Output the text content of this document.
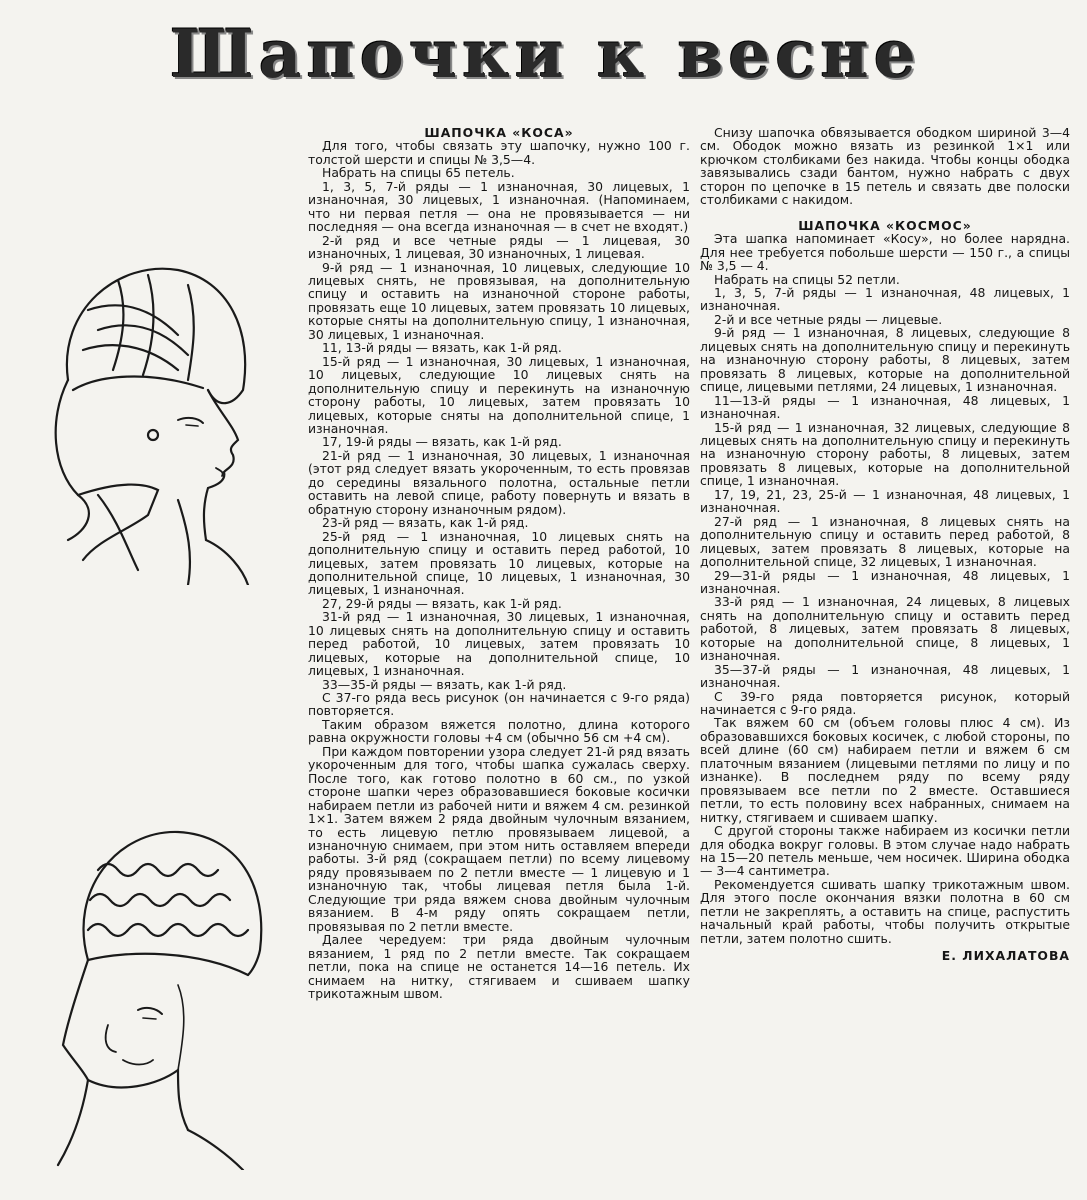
Шапочки к весне

ШАПОЧКА «КОСА»

Для того, чтобы связать эту шапочку, нужно 100 г. толстой шерсти и спицы № 3,5—4.

Набрать на спицы 65 петель.

1, 3, 5, 7-й ряды — 1 изнаночная, 30 лицевых, 1 изнаночная, 30 лицевых, 1 изнаночная. (Напоминаем, что ни первая петля — она не провязывается — ни последняя — она всегда изнаночная — в счет не входят.)

2-й ряд и все четные ряды — 1 лицевая, 30 изнаночных, 1 лицевая, 30 изнаночных, 1 лицевая.

9-й ряд — 1 изнаночная, 10 лицевых, следующие 10 лицевых снять, не провязывая, на дополнительную спицу и оставить на изнаночной стороне работы, провязать еще 10 лицевых, затем провязать 10 лицевых, которые сняты на дополнительную спицу, 1 изнаночная, 30 лицевых, 1 изнаночная.

11, 13-й ряды — вязать, как 1-й ряд.

15-й ряд — 1 изнаночная, 30 лицевых, 1 изнаночная, 10 лицевых, следующие 10 лицевых снять на дополнительную спицу и перекинуть на изнаночную сторону работы, 10 лицевых, затем провязать 10 лицевых, которые сняты на дополнительной спице, 1 изнаночная.

17, 19-й ряды — вязать, как 1-й ряд.

21-й ряд — 1 изнаночная, 30 лицевых, 1 изнаночная (этот ряд следует вязать укороченным, то есть провязав до середины вязального полотна, остальные петли оставить на левой спице, работу повернуть и вязать в обратную сторону изнаночным рядом).

23-й ряд — вязать, как 1-й ряд.

25-й ряд — 1 изнаночная, 10 лицевых снять на дополнительную спицу и оставить перед работой, 10 лицевых, затем провязать 10 лицевых, которые на дополнительной спице, 10 лицевых, 1 изнаночная, 30 лицевых, 1 изнаночная.

27, 29-й ряды — вязать, как 1-й ряд.

31-й ряд — 1 изнаночная, 30 лицевых, 1 изнаночная, 10 лицевых снять на дополнительную спицу и оставить перед работой, 10 лицевых, затем провязать 10 лицевых, которые на дополнительной спице, 10 лицевых, 1 изнаночная.

33—35-й ряды — вязать, как 1-й ряд.

С 37-го ряда весь рисунок (он начинается с 9-го ряда) повторяется.

Таким образом вяжется полотно, длина которого равна окружности головы +4 см (обычно 56 см +4 см).

При каждом повторении узора следует 21-й ряд вязать укороченным для того, чтобы шапка сужалась сверху. После того, как готово полотно в 60 см., по узкой стороне шапки через образовавшиеся боковые косички набираем петли из рабочей нити и вяжем 4 см. резинкой 1×1. Затем вяжем 2 ряда двойным чулочным вязанием, то есть лицевую петлю провязываем лицевой, а изнаночную снимаем, при этом нить оставляем впереди работы. 3-й ряд (сокращаем петли) по всему лицевому ряду провязываем по 2 петли вместе — 1 лицевую и 1 изнаночную так, чтобы лицевая петля была 1-й. Следующие три ряда вяжем снова двойным чулочным вязанием. В 4-м ряду опять сокращаем петли, провязывая по 2 петли вместе.

Далее чередуем: три ряда двойным чулочным вязанием, 1 ряд по 2 петли вместе. Так сокращаем петли, пока на спице не останется 14—16 петель. Их снимаем на нитку, стягиваем и сшиваем шапку трикотажным швом.

Снизу шапочка обвязывается ободком шириной 3—4 см. Ободок можно вязать из резинкой 1×1 или крючком столбиками без накида. Чтобы концы ободка завязывались сзади бантом, нужно набрать с двух сторон по цепочке в 15 петель и связать две полоски столбиками с накидом.

ШАПОЧКА «КОСМОС»

Эта шапка напоминает «Косу», но более нарядна. Для нее требуется побольше шерсти — 150 г., а спицы № 3,5 — 4.

Набрать на спицы 52 петли.

1, 3, 5, 7-й ряды — 1 изнаночная, 48 лицевых, 1 изнаночная.

2-й и все четные ряды — лицевые.

9-й ряд — 1 изнаночная, 8 лицевых, следующие 8 лицевых снять на дополнительную спицу и перекинуть на изнаночную сторону работы, 8 лицевых, затем провязать 8 лицевых, которые на дополнительной спице, лицевыми петлями, 24 лицевых, 1 изнаночная.

11—13-й ряды — 1 изнаночная, 48 лицевых, 1 изнаночная.

15-й ряд — 1 изнаночная, 32 лицевых, следующие 8 лицевых снять на дополнительную спицу и перекинуть на изнаночную сторону работы, 8 лицевых, затем провязать 8 лицевых, которые на дополнительной спице, 1 изнаночная.

17, 19, 21, 23, 25-й — 1 изнаночная, 48 лицевых, 1 изнаночная.

27-й ряд — 1 изнаночная, 8 лицевых снять на дополнительную спицу и оставить перед работой, 8 лицевых, затем провязать 8 лицевых, которые на дополнительной спице, 32 лицевых, 1 изнаночная.

29—31-й ряды — 1 изнаночная, 48 лицевых, 1 изнаночная.

33-й ряд — 1 изнаночная, 24 лицевых, 8 лицевых снять на дополнительную спицу и оставить перед работой, 8 лицевых, затем провязать 8 лицевых, которые на дополнительной спице, 8 лицевых, 1 изнаночная.

35—37-й ряды — 1 изнаночная, 48 лицевых, 1 изнаночная.

С 39-го ряда повторяется рисунок, который начинается с 9-го ряда.

Так вяжем 60 см (объем головы плюс 4 см). Из образовавшихся боковых косичек, с любой стороны, по всей длине (60 см) набираем петли и вяжем 6 см платочным вязанием (лицевыми петлями по лицу и по изнанке). В последнем ряду по всему ряду провязываем все петли по 2 вместе. Оставшиеся петли, то есть половину всех набранных, снимаем на нитку, стягиваем и сшиваем шапку.

С другой стороны также набираем из косички петли для ободка вокруг головы. В этом случае надо набрать на 15—20 петель меньше, чем носичек. Ширина ободка — 3—4 сантиметра.

Рекомендуется сшивать шапку трикотажным швом. Для этого после окончания вязки полотна в 60 см петли не закреплять, а оставить на спице, распустить начальный край работы, чтобы получить открытые петли, затем полотно сшить.

Е. ЛИХАЛАТОВА
